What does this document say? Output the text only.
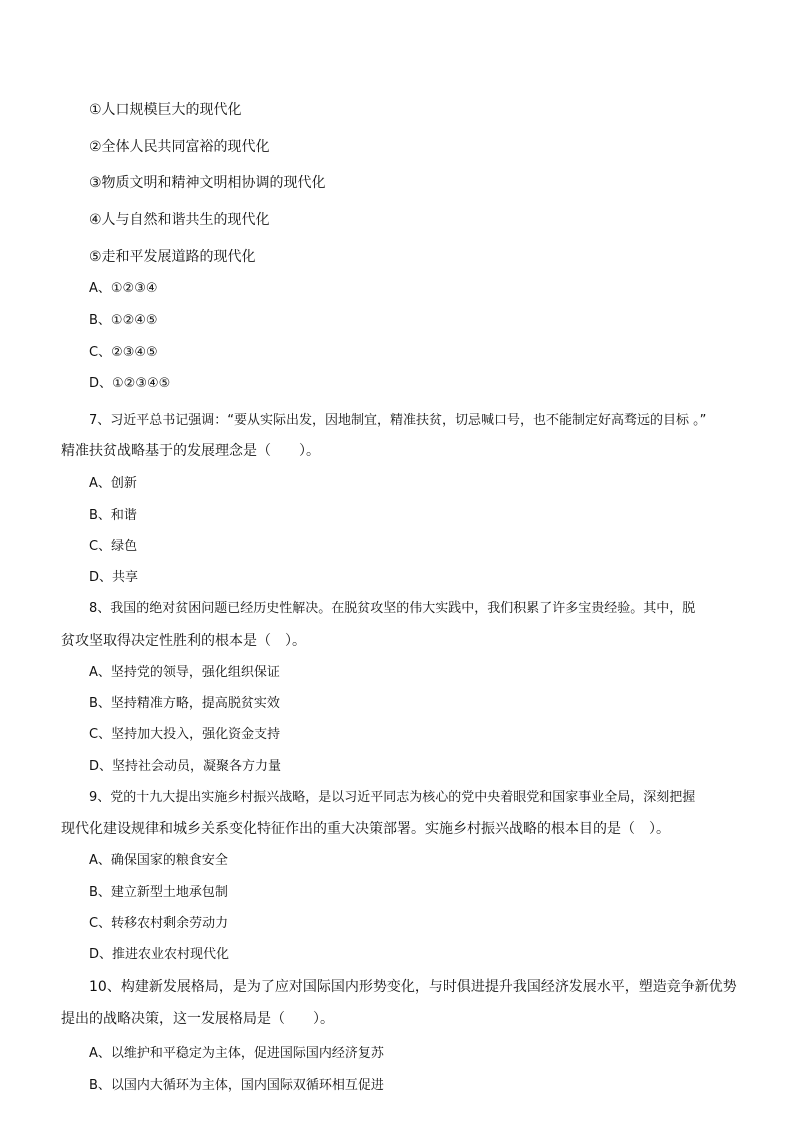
①人口规模巨大的现代化
②全体人民共同富裕的现代化
③物质文明和精神文明相协调的现代化
④人与自然和谐共生的现代化
⑤走和平发展道路的现代化
A、①②③④
B、①②④⑤
C、②③④⑤
D、①②③④⑤
7、习近平总书记强调：“要从实际出发，因地制宜，精准扶贫，切忌喊口号，也不能制定好高骛远的目标 。”
精准扶贫战略基于的发展理念是（　　）。
A、创新
B、和谐
C、绿色
D、共享
8、我国的绝对贫困问题已经历史性解决。在脱贫攻坚的伟大实践中，我们积累了许多宝贵经验。其中，脱
贫攻坚取得决定性胜利的根本是（　）。
A、坚持党的领导，强化组织保证
B、坚持精准方略，提高脱贫实效
C、坚持加大投入，强化资金支持
D、坚持社会动员，凝聚各方力量
9、党的十九大提出实施乡村振兴战略，是以习近平同志为核心的党中央着眼党和国家事业全局，深刻把握
现代化建设规律和城乡关系变化特征作出的重大决策部署。实施乡村振兴战略的根本目的是（　）。
A、确保国家的粮食安全
B、建立新型土地承包制
C、转移农村剩余劳动力
D、推进农业农村现代化
10、构建新发展格局，是为了应对国际国内形势变化，与时俱进提升我国经济发展水平，塑造竞争新优势
提出的战略决策，这一发展格局是（　　）。
A、以维护和平稳定为主体，促进国际国内经济复苏
B、以国内大循环为主体，国内国际双循环相互促进
